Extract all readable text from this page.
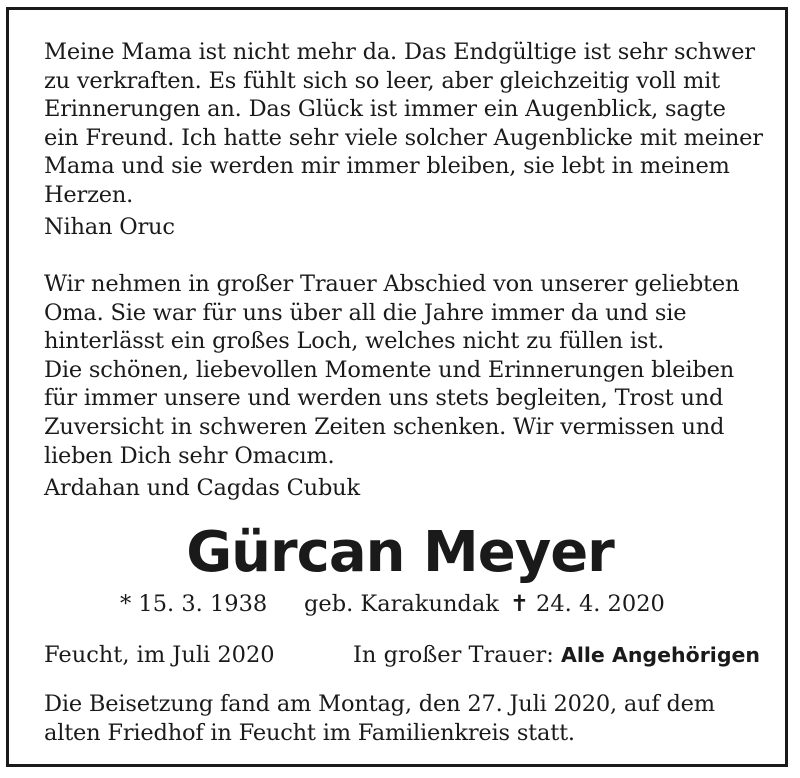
Meine Mama ist nicht mehr da. Das Endgültige ist sehr schwer
zu verkraften. Es fühlt sich so leer, aber gleichzeitig voll mit
Erinnerungen an. Das Glück ist immer ein Augenblick, sagte
ein Freund. Ich hatte sehr viele solcher Augenblicke mit meiner
Mama und sie werden mir immer bleiben, sie lebt in meinem
Herzen.
Nihan Oruc
Wir nehmen in großer Trauer Abschied von unserer geliebten
Oma. Sie war für uns über all die Jahre immer da und sie
hinterlässt ein großes Loch, welches nicht zu füllen ist.
Die schönen, liebevollen Momente und Erinnerungen bleiben
für immer unsere und werden uns stets begleiten, Trost und
Zuversicht in schweren Zeiten schenken. Wir vermissen und
lieben Dich sehr Omacım.
Ardahan und Cagdas Cubuk
Gürcan Meyer
* 15. 3. 1938 geb. Karakundak ✝ 24. 4. 2020
Feucht, im Juli 2020	In großer Trauer: Alle Angehörigen
Die Beisetzung fand am Montag, den 27. Juli 2020, auf dem
alten Friedhof in Feucht im Familienkreis statt.
